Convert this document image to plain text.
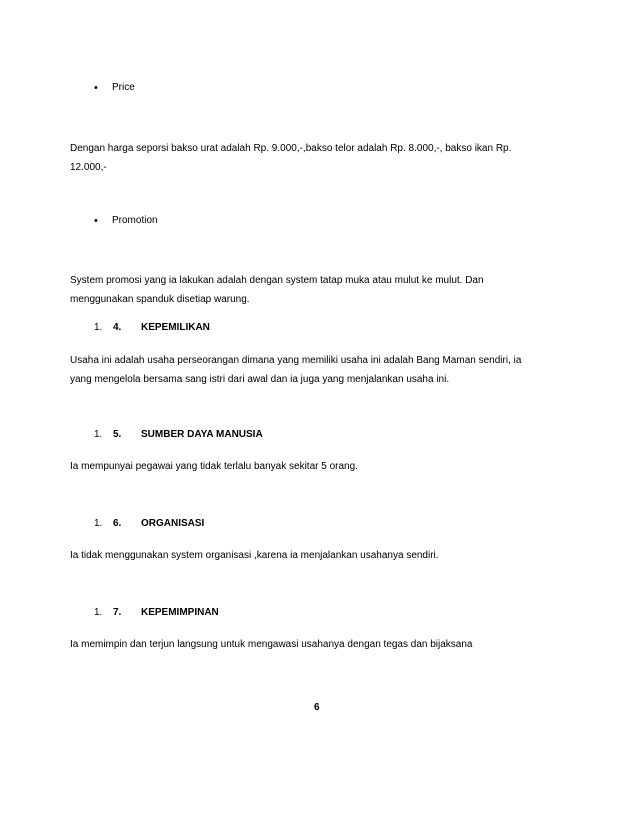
• Price
Dengan harga seporsi bakso urat adalah Rp. 9.000,-,bakso telor adalah Rp. 8.000,-, bakso ikan Rp.
12.000,-
• Promotion
System promosi yang ia lakukan adalah dengan system tatap muka atau mulut ke mulut. Dan
menggunakan spanduk disetiap warung.
1. 4. KEPEMILIKAN
Usaha ini adalah usaha perseorangan dimana yang memiliki usaha ini adalah Bang Maman sendiri, ia
yang mengelola bersama sang istri dari awal dan ia juga yang menjalankan usaha ini.
1. 5. SUMBER DAYA MANUSIA
Ia mempunyai pegawai yang tidak terlalu banyak sekitar 5 orang.
1. 6. ORGANISASI
Ia tidak menggunakan system organisasi ,karena ia menjalankan usahanya sendiri.
1. 7. KEPEMIMPINAN
Ia memimpin dan terjun langsung untuk mengawasi usahanya dengan tegas dan bijaksana
6
